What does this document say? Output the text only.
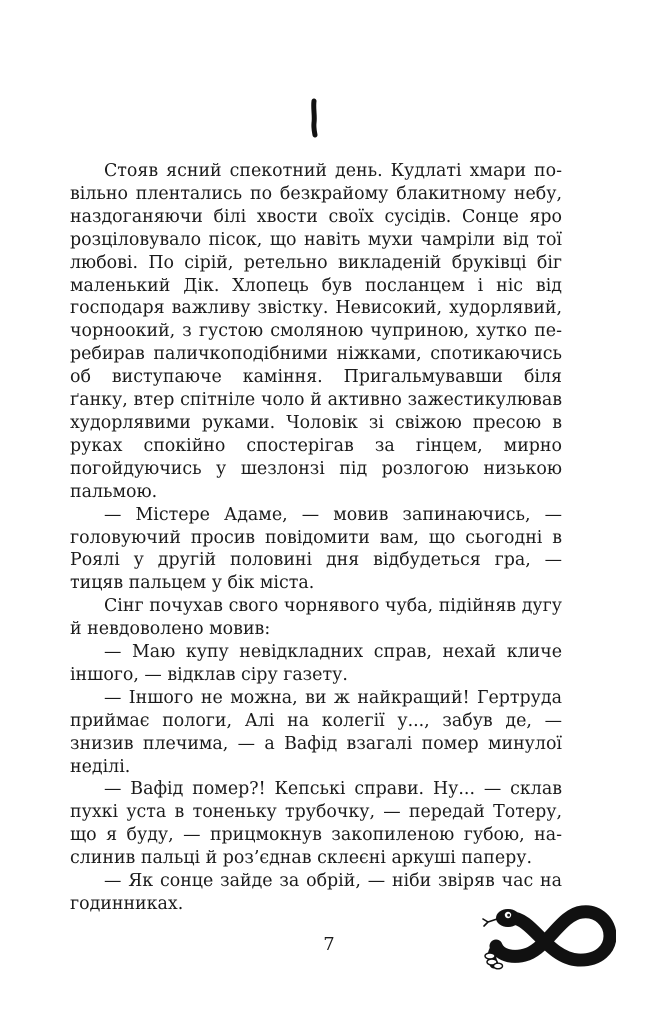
Стояв ясний спекотний день. Кудлаті хмари повільно плентались по безкрайому блакитному небу, наздоганяючи білі хвости своїх сусідів. Сонце яро розціловувало пісок, що навіть мухи чамріли від тої любові. По сірій, ретельно викладеній бруківці біг маленький Дік. Хлопець був посланцем і ніс від господаря важливу звістку. Невисокий, худорлявий, чорноокий, з густою смоляною чуприною, хутко перебирав паличкоподібними ніжками, спотикаючись об виступаюче каміння. Пригальмувавши біля ґанку, втер спітніле чоло й активно зажестикулював худорлявими руками. Чоловік зі свіжою пресою в руках спокійно спостерігав за гінцем, мирно погойдуючись у шезлонзі під розлогою низькою пальмою.

— Містере Адаме, — мовив запинаючись, — головуючий просив повідомити вам, що сьогодні в Роялі у другій половині дня відбудеться гра, — тицяв пальцем у бік міста.

Сінг почухав свого чорнявого чуба, підійняв дугу й невдоволено мовив:

— Маю купу невідкладних справ, нехай кличе іншого, — відклав сіру газету.

— Іншого не можна, ви ж найкращий! Гертруда приймає пологи, Алі на колегії у..., забув де, — знизив плечима, — а Вафід взагалі помер минулої неділі.

— Вафід помер?! Кепські справи. Ну... — склав пухкі уста в тоненьку трубочку, — передай Тотеру, що я буду, — прицмокнув закопиленою губою, наслинив пальці й роз’єднав склеєні аркуші паперу.

— Як сонце зайде за обрій, — ніби звіряв час на годинниках.

7
